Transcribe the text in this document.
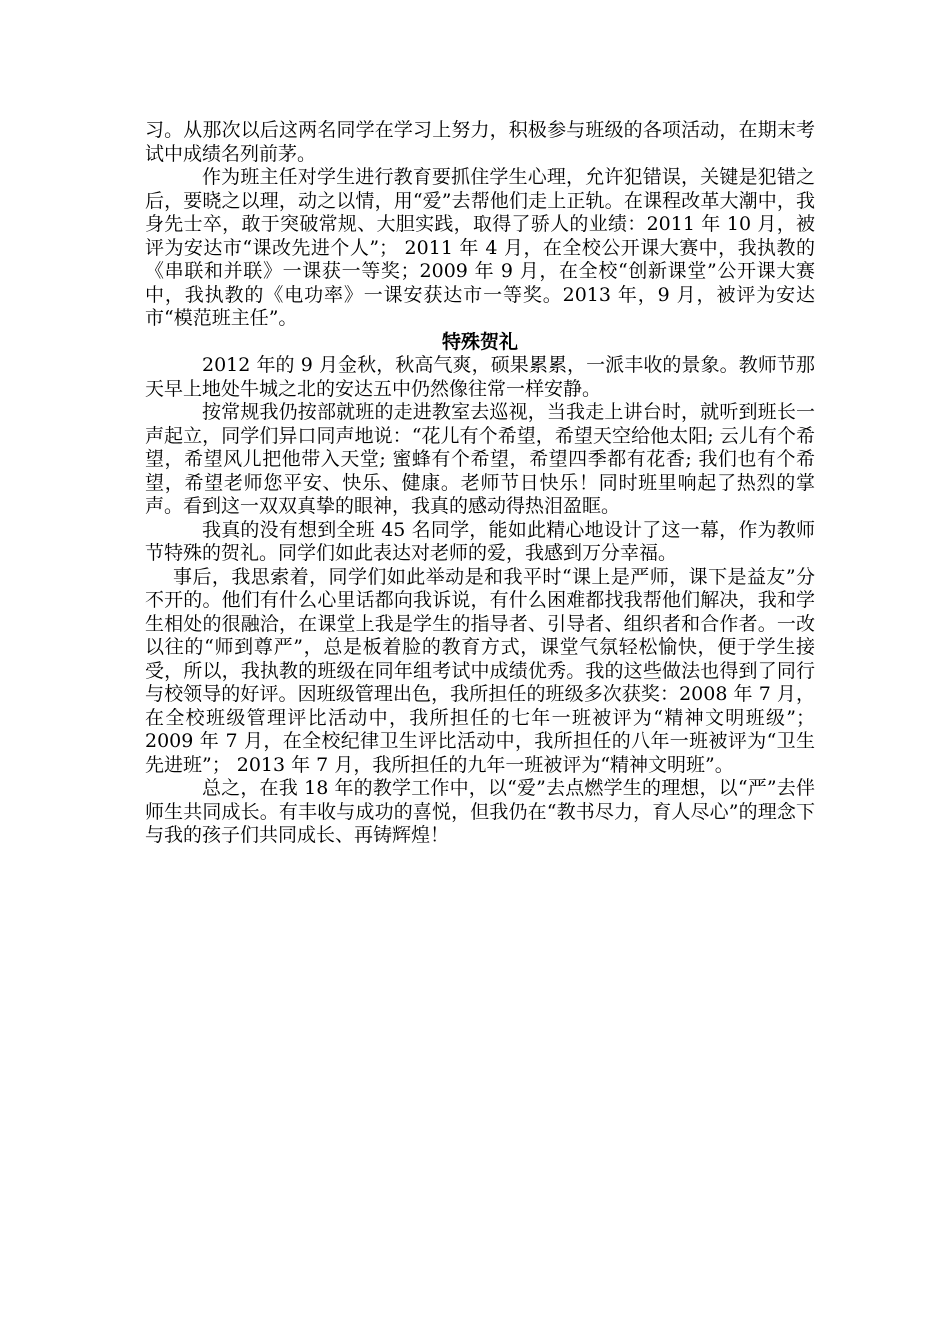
习。从那次以后这两名同学在学习上努力，积极参与班级的各项活动，在期末考试中成绩名列前茅。

作为班主任对学生进行教育要抓住学生心理，允许犯错误，关键是犯错之后，要晓之以理，动之以情，用“爱”去帮他们走上正轨。在课程改革大潮中，我身先士卒，敢于突破常规、大胆实践，取得了骄人的业绩：2011 年 10 月，被评为安达市“课改先进个人”； 2011 年 4 月，在全校公开课大赛中，我执教的《串联和并联》一课获一等奖；2009 年 9 月，在全校“创新课堂”公开课大赛中，我执教的《电功率》一课安获达市一等奖。2013 年，9 月，被评为安达市“模范班主任”。

特殊贺礼

2012 年的 9 月金秋，秋高气爽，硕果累累，一派丰收的景象。教师节那天早上地处牛城之北的安达五中仍然像往常一样安静。

按常规我仍按部就班的走进教室去巡视，当我走上讲台时，就听到班长一声起立，同学们异口同声地说：“花儿有个希望，希望天空给他太阳; 云儿有个希望，希望风儿把他带入天堂; 蜜蜂有个希望，希望四季都有花香; 我们也有个希望，希望老师您平安、快乐、健康。老师节日快乐！同时班里响起了热烈的掌声。看到这一双双真挚的眼神，我真的感动得热泪盈眶。

我真的没有想到全班 45 名同学，能如此精心地设计了这一幕，作为教师节特殊的贺礼。同学们如此表达对老师的爱，我感到万分幸福。

事后，我思索着，同学们如此举动是和我平时“课上是严师，课下是益友”分不开的。他们有什么心里话都向我诉说，有什么困难都找我帮他们解决，我和学生相处的很融洽，在课堂上我是学生的指导者、引导者、组织者和合作者。一改以往的“师到尊严”，总是板着脸的教育方式，课堂气氛轻松愉快，便于学生接受，所以，我执教的班级在同年组考试中成绩优秀。我的这些做法也得到了同行与校领导的好评。因班级管理出色，我所担任的班级多次获奖：2008 年 7 月，在全校班级管理评比活动中，我所担任的七年一班被评为“精神文明班级”；2009 年 7 月，在全校纪律卫生评比活动中，我所担任的八年一班被评为“卫生先进班”； 2013 年 7 月，我所担任的九年一班被评为“精神文明班”。

总之，在我 18 年的教学工作中，以“爱”去点燃学生的理想，以“严”去伴师生共同成长。有丰收与成功的喜悦，但我仍在“教书尽力，育人尽心”的理念下与我的孩子们共同成长、再铸辉煌！
